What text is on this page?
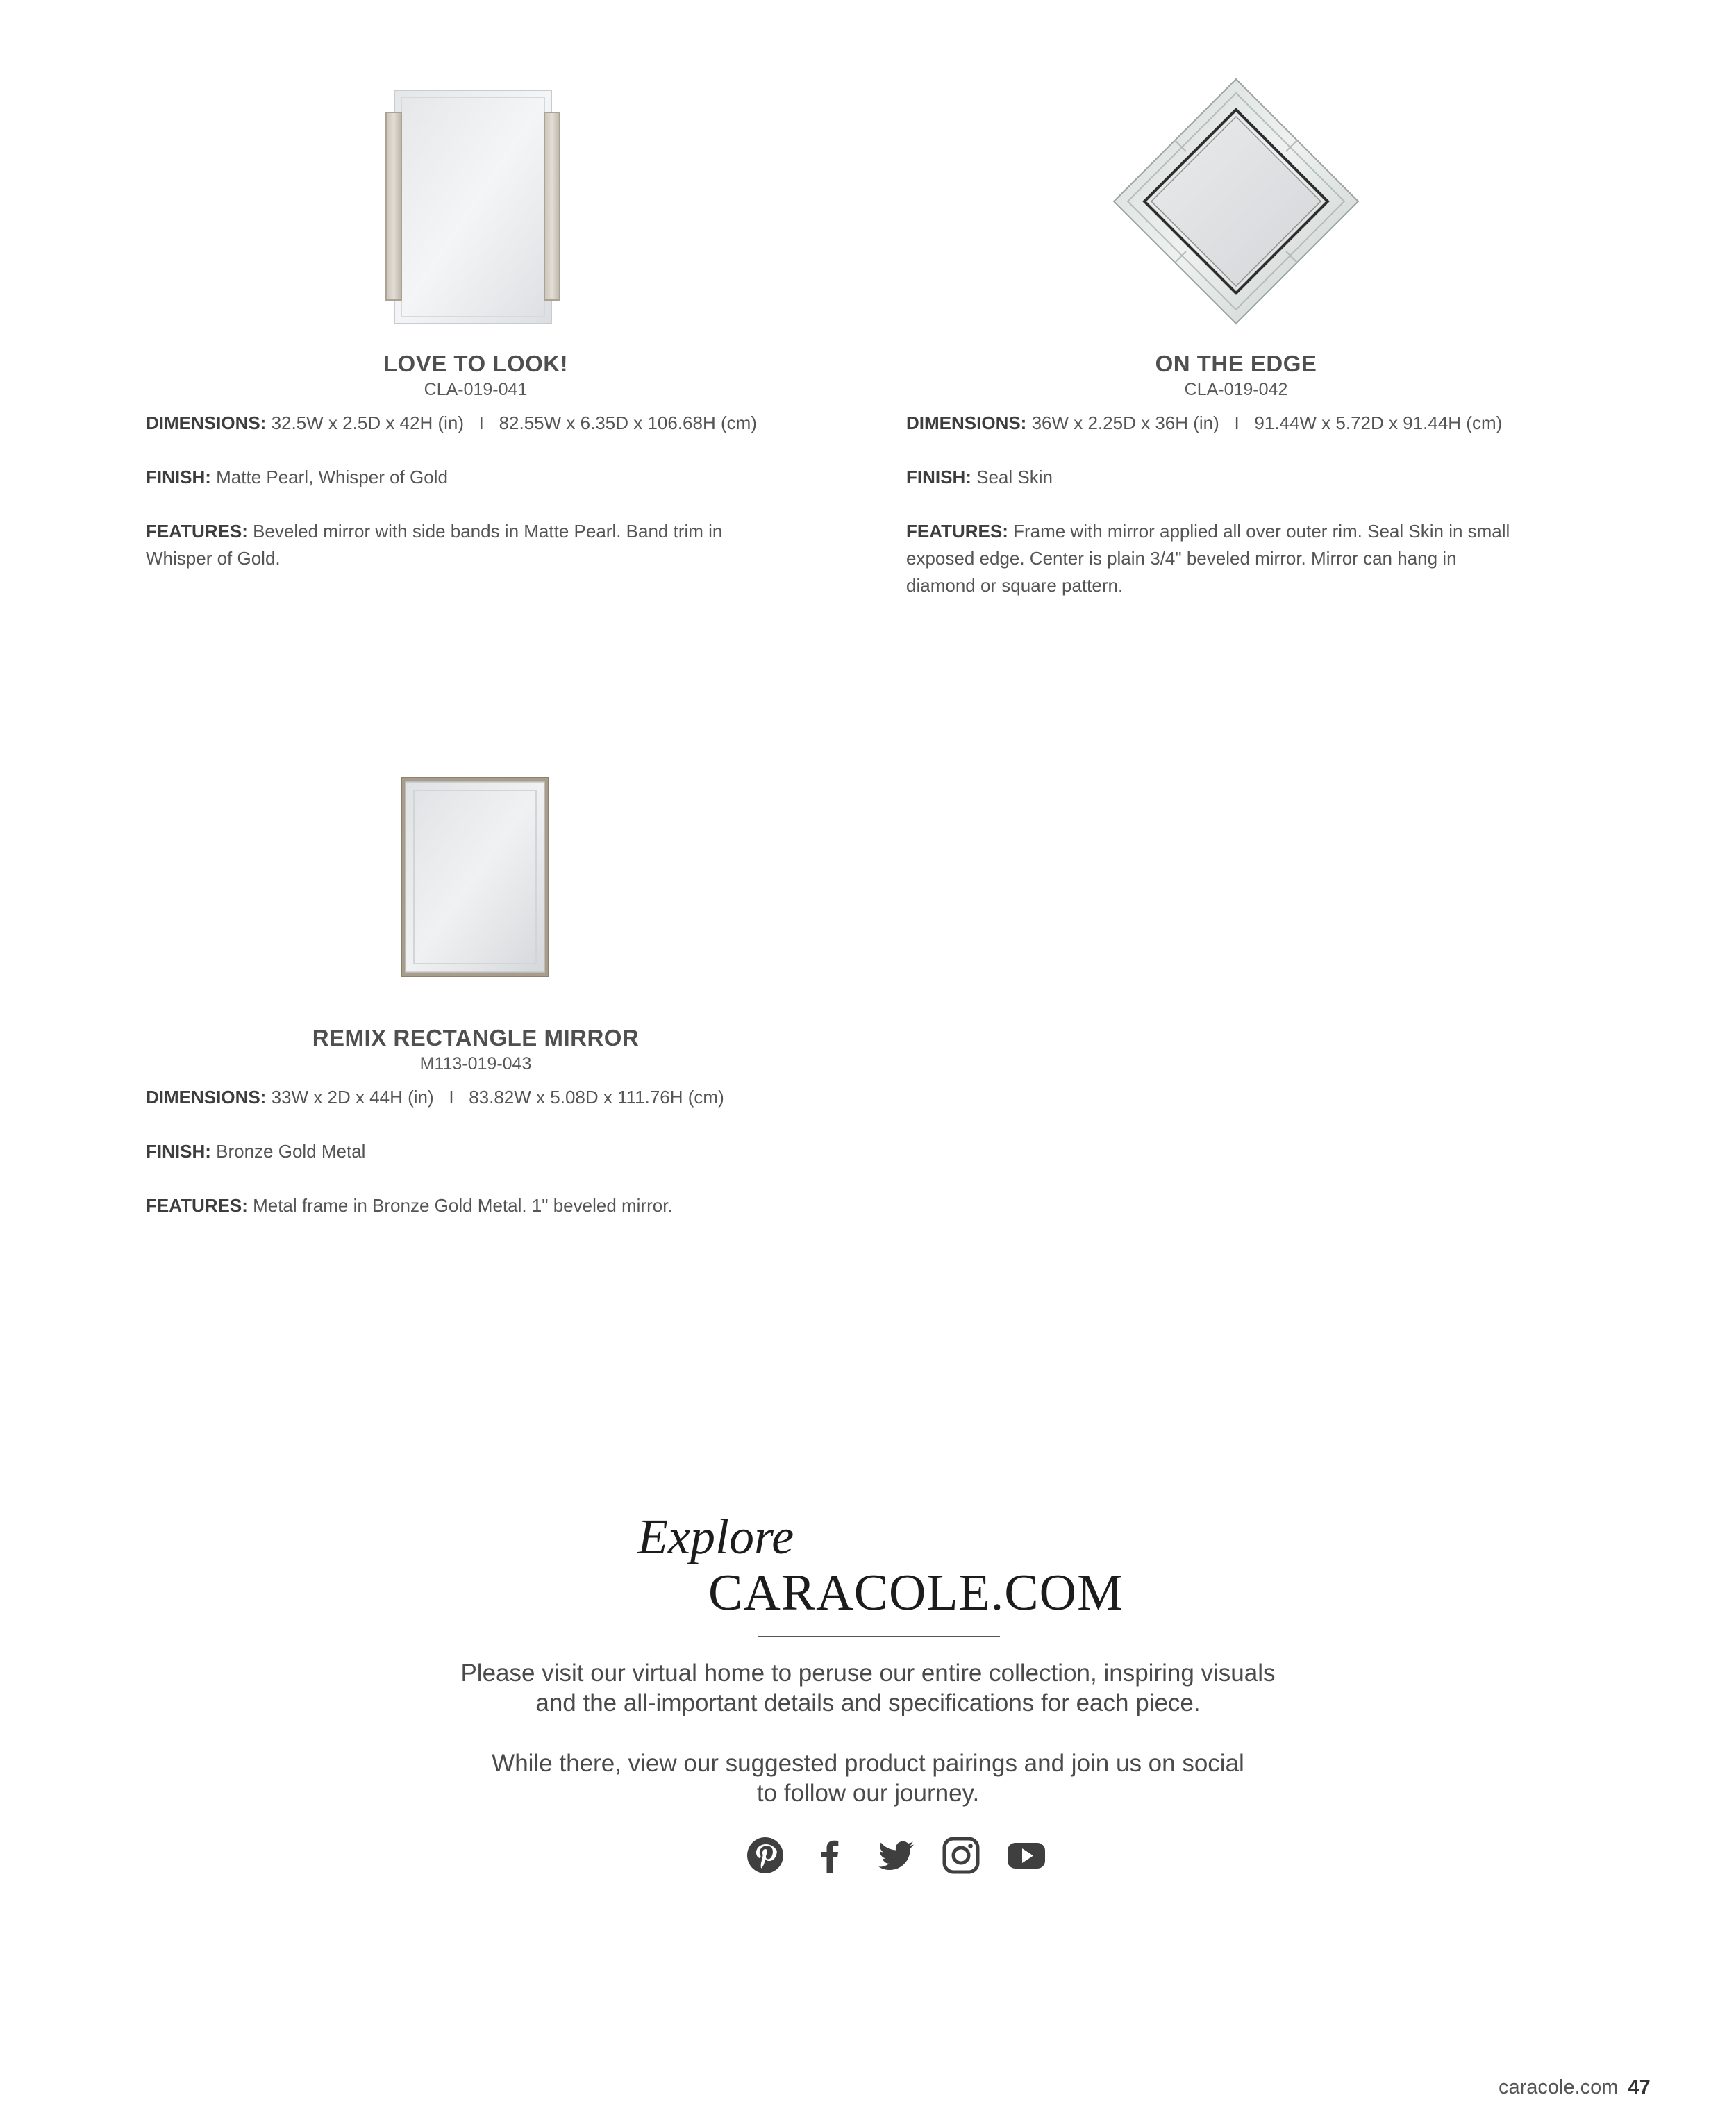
LOVE TO LOOK!
CLA-019-041
DIMENSIONS: 32.5W x 2.5D x 42H (in)   I   82.55W x 6.35D x 106.68H (cm)
FINISH: Matte Pearl, Whisper of Gold
FEATURES: Beveled mirror with side bands in Matte Pearl. Band trim in
Whisper of Gold.
ON THE EDGE
CLA-019-042
DIMENSIONS: 36W x 2.25D x 36H (in)   I   91.44W x 5.72D x 91.44H (cm)
FINISH: Seal Skin
FEATURES: Frame with mirror applied all over outer rim. Seal Skin in small
exposed edge. Center is plain 3/4" beveled mirror. Mirror can hang in
diamond or square pattern.
REMIX RECTANGLE MIRROR
M113-019-043
DIMENSIONS: 33W x 2D x 44H (in)   I   83.82W x 5.08D x 111.76H (cm)
FINISH: Bronze Gold Metal
FEATURES: Metal frame in Bronze Gold Metal. 1" beveled mirror.
Explore
CARACOLE.COM
Please visit our virtual home to peruse our entire collection, inspiring visuals
and the all-important details and specifications for each piece.
While there, view our suggested product pairings and join us on social
to follow our journey.
caracole.com 47
